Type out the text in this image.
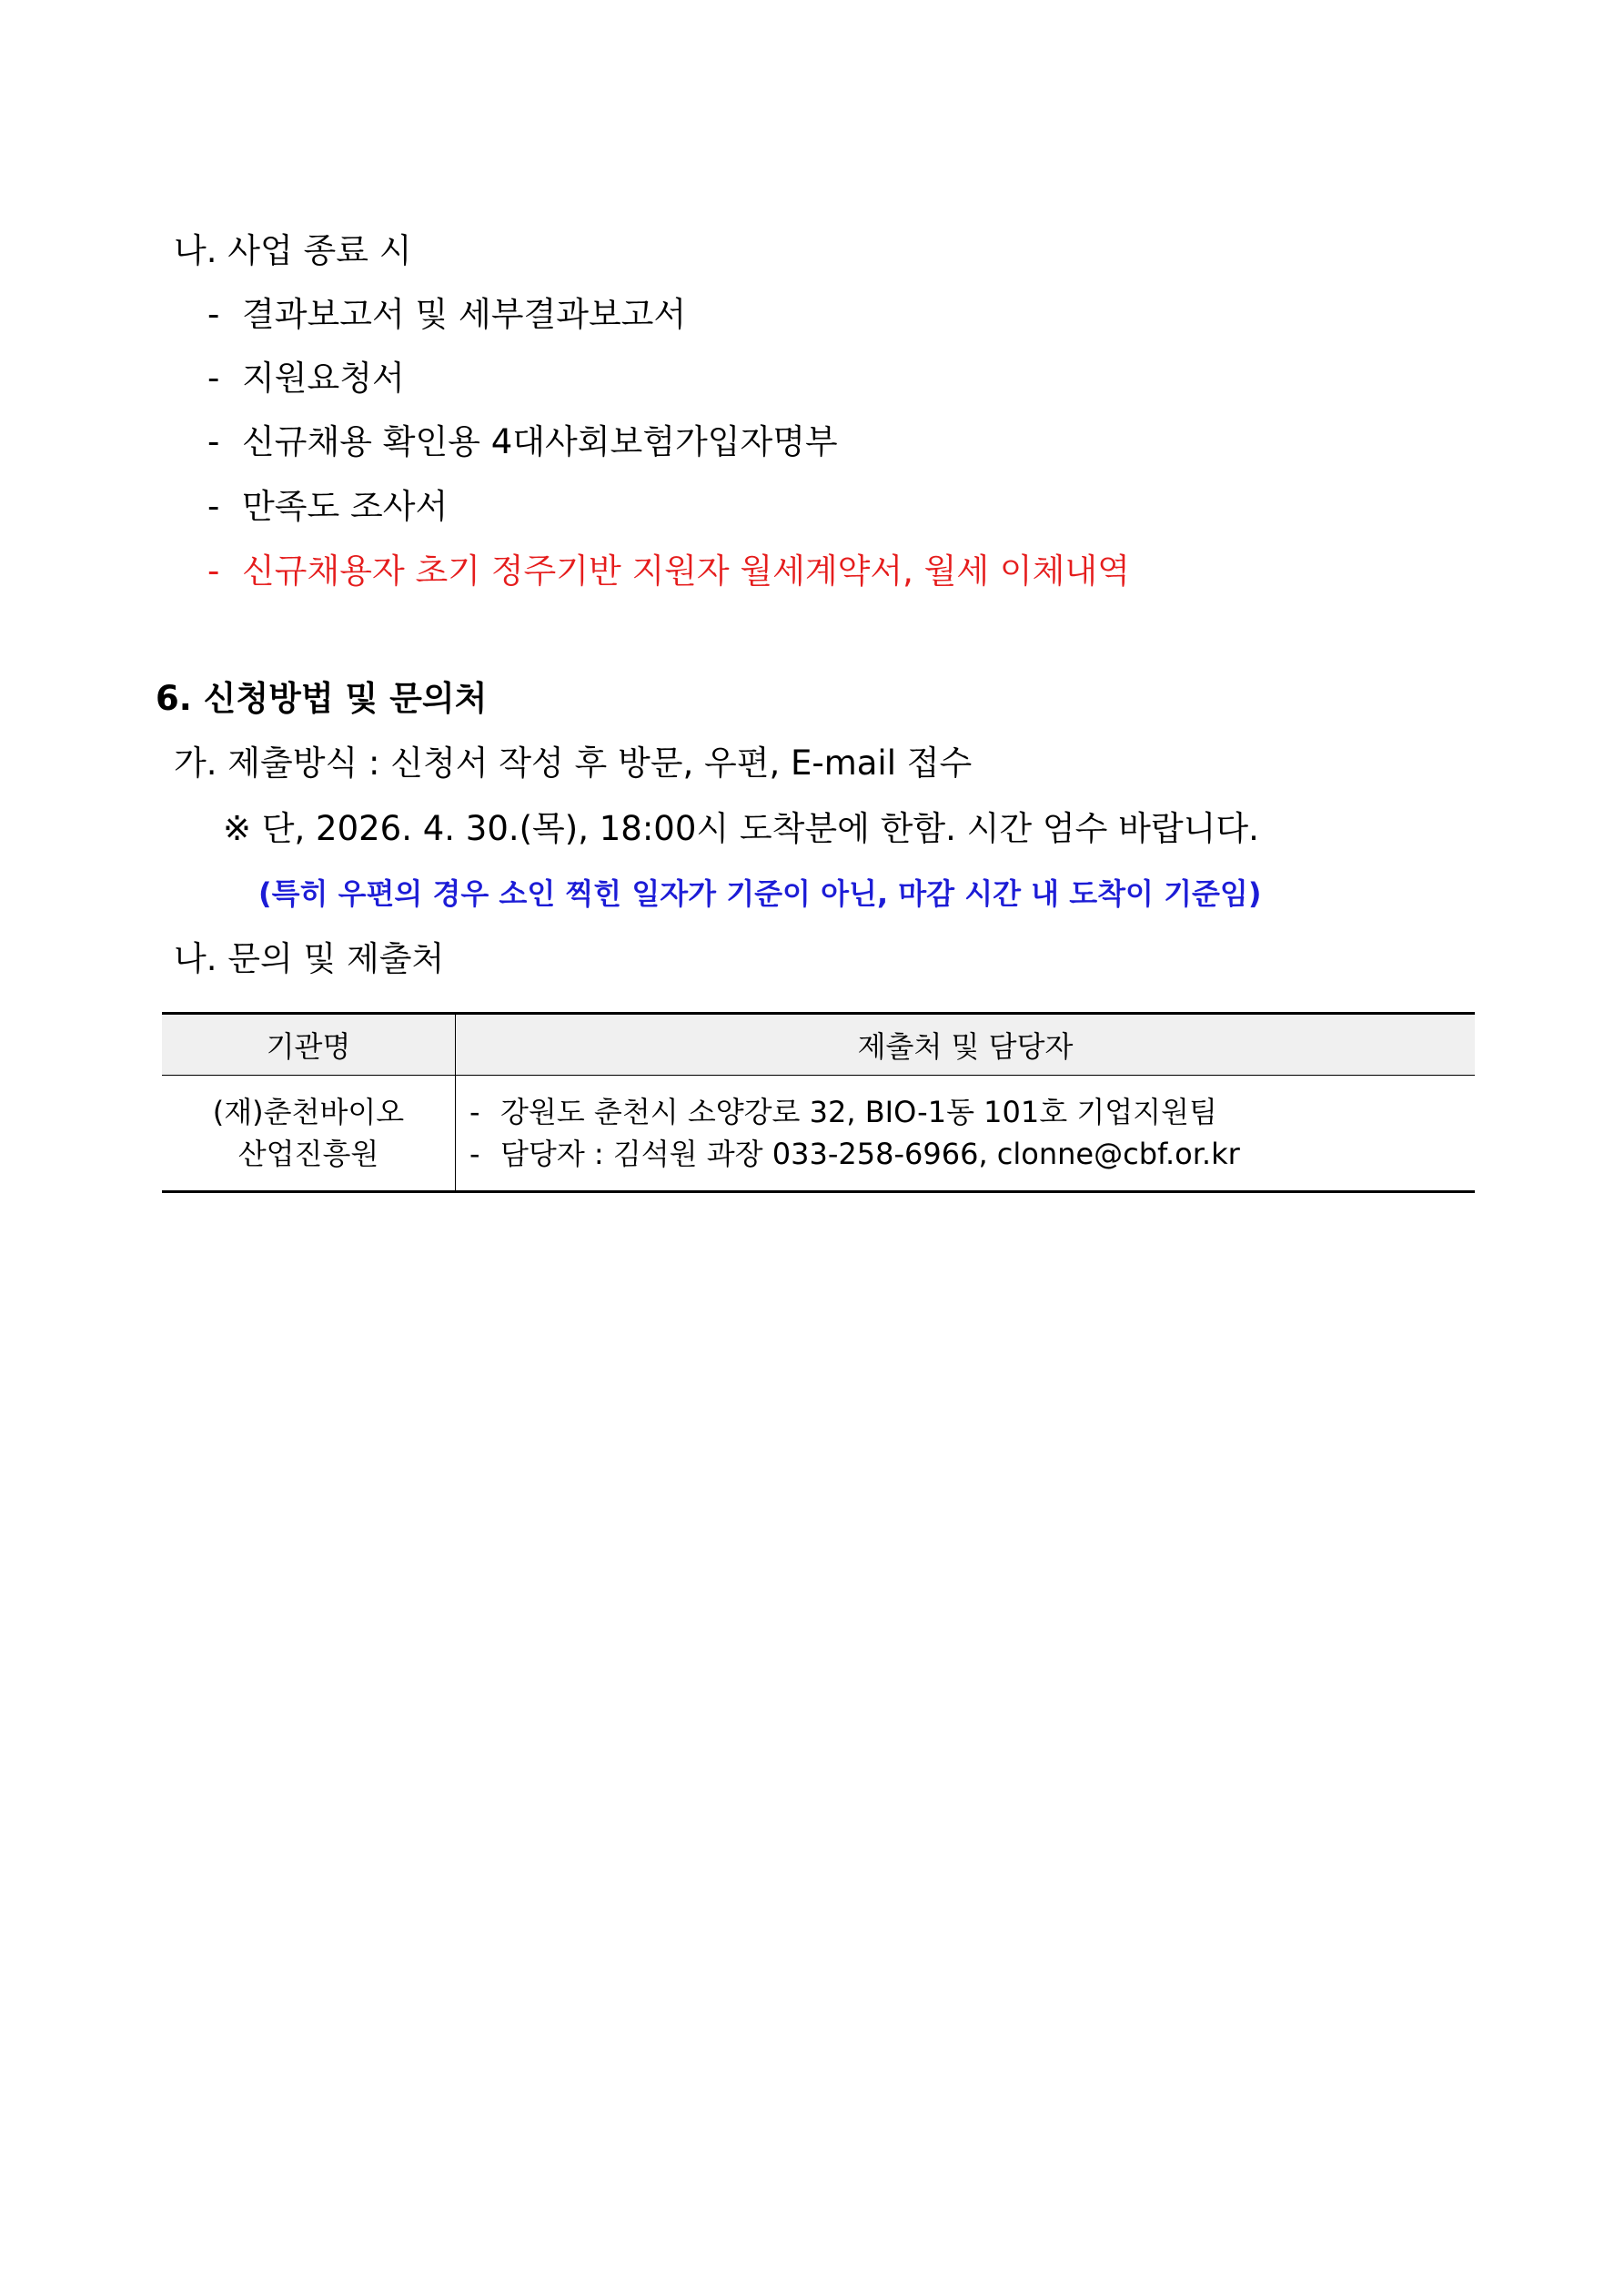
나. 사업 종료 시
- 결과보고서 및 세부결과보고서
- 지원요청서
- 신규채용 확인용 4대사회보험가입자명부
- 만족도 조사서
- 신규채용자 초기 정주기반 지원자 월세계약서, 월세 이체내역
6. 신청방법 및 문의처
가. 제출방식 : 신청서 작성 후 방문, 우편, E-mail 접수
※ 단, 2026. 4. 30.(목), 18:00시 도착분에 한함. 시간 엄수 바랍니다.
(특히 우편의 경우 소인 찍힌 일자가 기준이 아닌, 마감 시간 내 도착이 기준임)
나. 문의 및 제출처
기관명	제출처 및 담당자

(재)춘천바이오
산업진흥원	- 강원도 춘천시 소양강로 32, BIO-1동 101호 기업지원팀
- 담당자 : 김석원 과장 033-258-6966, clonne@cbf.or.kr
